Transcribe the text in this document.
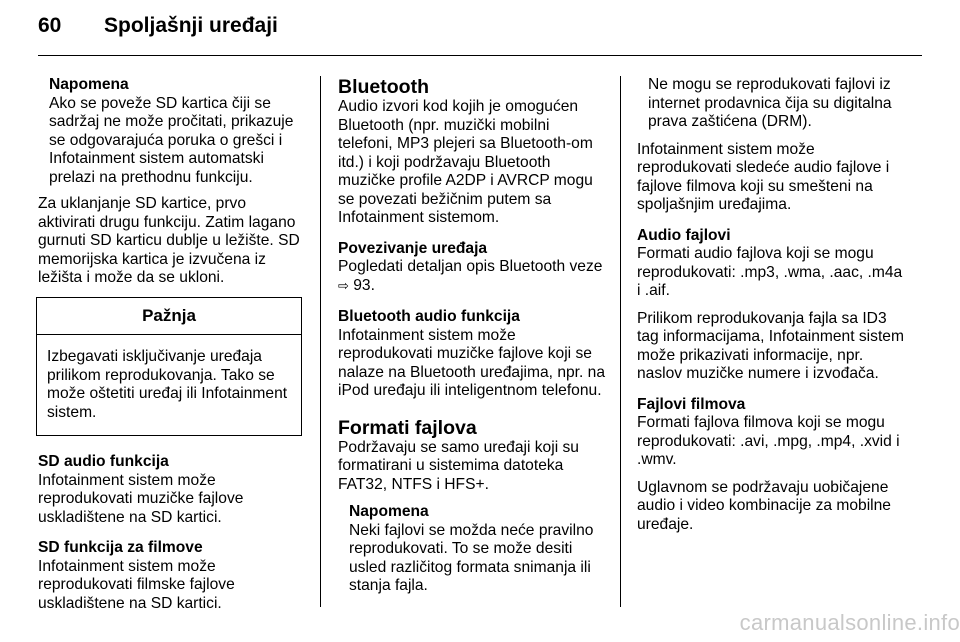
60 Spoljašnji uređaji
Napomena
Ako se poveže SD kartica čiji se sadržaj ne može pročitati, prikazuje se odgovarajuća poruka o grešci i Infotainment sistem automatski prelazi na prethodnu funkciju.

Za uklanjanje SD kartice, prvo aktivirati drugu funkciju. Zatim lagano gurnuti SD karticu dublje u ležište. SD memorijska kartica je izvučena iz ležišta i može da se ukloni.

Pažnja
Izbegavati isključivanje uređaja prilikom reprodukovanja. Tako se može oštetiti uređaj ili Infotainment sistem.
SD audio funkcija

Infotainment sistem može reprodukovati muzičke fajlove uskladištene na SD kartici.

SD funkcija za filmove

Infotainment sistem može reprodukovati filmske fajlove uskladištene na SD kartici.

Bluetooth

Audio izvori kod kojih je omogućen Bluetooth (npr. muzički mobilni telefoni, MP3 plejeri sa Bluetooth-om itd.) i koji podržavaju Bluetooth muzičke profile A2DP i AVRCP mogu se povezati bežičnim putem sa Infotainment sistemom.

Povezivanje uređaja

Pogledati detaljan opis Bluetooth veze ⇨ 93.

Bluetooth audio funkcija

Infotainment sistem može reprodukovati muzičke fajlove koji se nalaze na Bluetooth uređajima, npr. na iPod uređaju ili inteligentnom telefonu.

Formati fajlova

Podržavaju se samo uređaji koji su formatirani u sistemima datoteka FAT32, NTFS i HFS+.

Napomena
Neki fajlovi se možda neće pravilno reprodukovati. To se može desiti usled različitog formata snimanja ili stanja fajla.

Ne mogu se reprodukovati fajlovi iz internet prodavnica čija su digitalna prava zaštićena (DRM).

Infotainment sistem može reprodukovati sledeće audio fajlove i fajlove filmova koji su smešteni na spoljašnjim uređajima.

Audio fajlovi

Formati audio fajlova koji se mogu reprodukovati: .mp3, .wma, .aac, .m4a i .aif.

Prilikom reprodukovanja fajla sa ID3 tag informacijama, Infotainment sistem može prikazivati informacije, npr. naslov muzičke numere i izvođača.

Fajlovi filmova

Formati fajlova filmova koji se mogu reprodukovati: .avi, .mpg, .mp4, .xvid i .wmv.

Uglavnom se podržavaju uobičajene audio i video kombinacije za mobilne uređaje.

carmanualsonline.info
